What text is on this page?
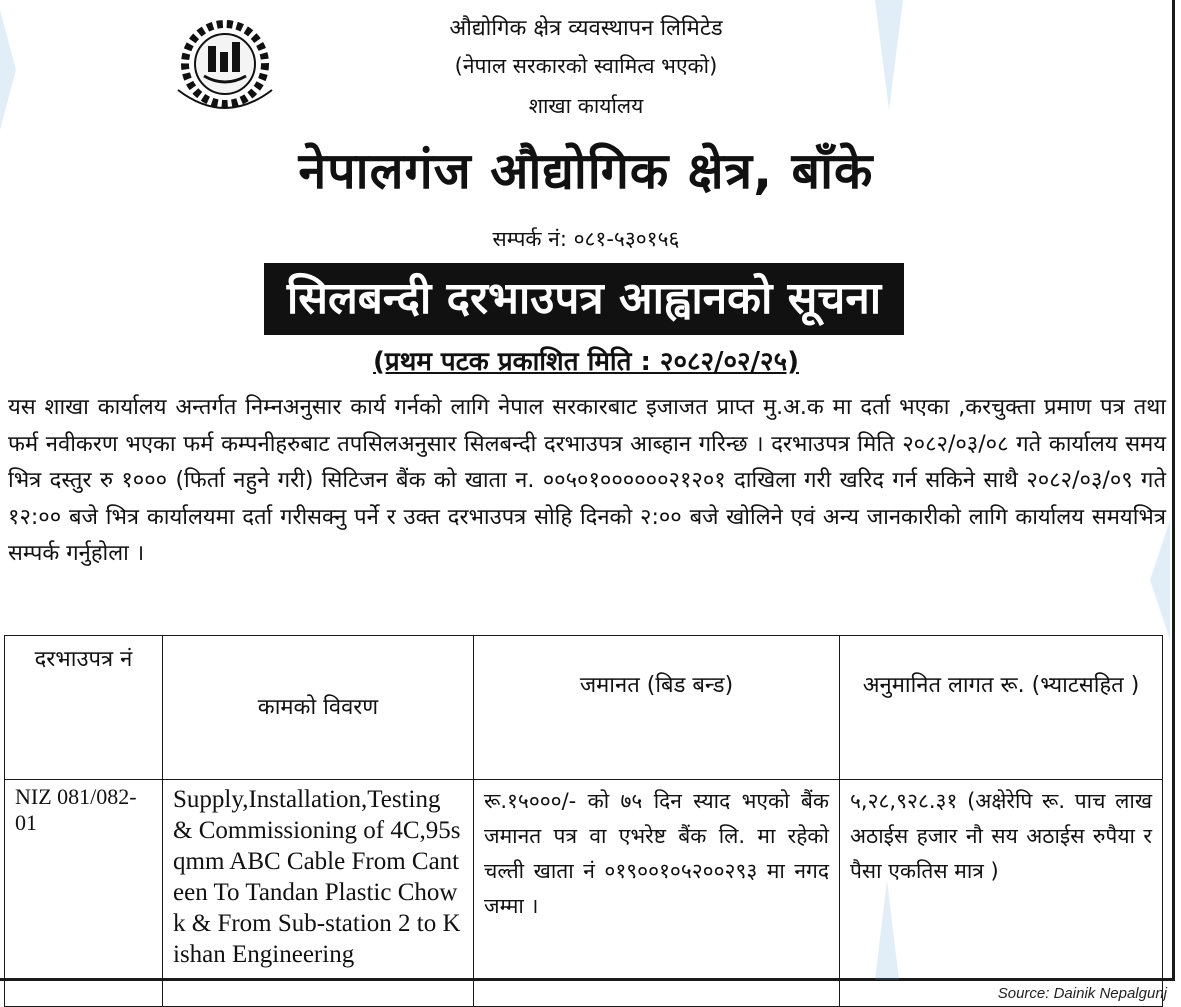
औद्योगिक क्षेत्र व्यवस्थापन लिमिटेड
(नेपाल सरकारको स्वामित्व भएको)
शाखा कार्यालय
नेपालगंज औद्योगिक क्षेत्र, बाँके
सम्पर्क नं: ०८१-५३०१५६
सिलबन्दी दरभाउपत्र आह्वानको सूचना
(प्रथम पटक प्रकाशित मिति : २०८२/०२/२५)
यस शाखा कार्यालय अन्तर्गत निम्नअनुसार कार्य गर्नको लागि नेपाल सरकारबाट इजाजत प्राप्त मु.अ.क मा दर्ता भएका ,करचुक्ता प्रमाण पत्र तथा फर्म नवीकरण भएका फर्म कम्पनीहरुबाट तपसिलअनुसार सिलबन्दी दरभाउपत्र आब्हान गरिन्छ । दरभाउपत्र मिति २०८२/०३/०८ गते कार्यालय समय भित्र दस्तुर रु १००० (फिर्ता नहुने गरी) सिटिजन बैंक को खाता न. ००५०१००००००२१२०१ दाखिला गरी खरिद गर्न सकिने साथै २०८२/०३/०९ गते १२:०० बजे भित्र कार्यालयमा दर्ता गरीसक्नु पर्ने र उक्त दरभाउपत्र सोहि दिनको २:०० बजे खोलिने एवं अन्य जानकारीको लागि कार्यालय समयभित्र सम्पर्क गर्नुहोला ।
दरभाउपत्र नं	कामको विवरण	जमानत (बिड बन्ड)	अनुमानित लागत रू. (भ्याटसहित )
NIZ 081/082-01	Supply,Installation,Testing & Commissioning of 4C,95sqmm ABC Cable From Canteen To Tandan Plastic Chowk & From Sub-station 2 to Kishan Engineering	रू.१५०००/- को ७५ दिन स्याद भएको बैंक जमानत पत्र वा एभरेष्ट बैंक लि. मा रहेको चल्ती खाता नं ०१९००१०५२००२९३ मा नगद जम्मा ।	५,२८,९२८.३१ (अक्षेरेपि रू. पाच लाख अठाईस हजार नौ सय अठाईस रुपैया र पैसा एकतिस मात्र )
Source: Dainik Nepalgunj
